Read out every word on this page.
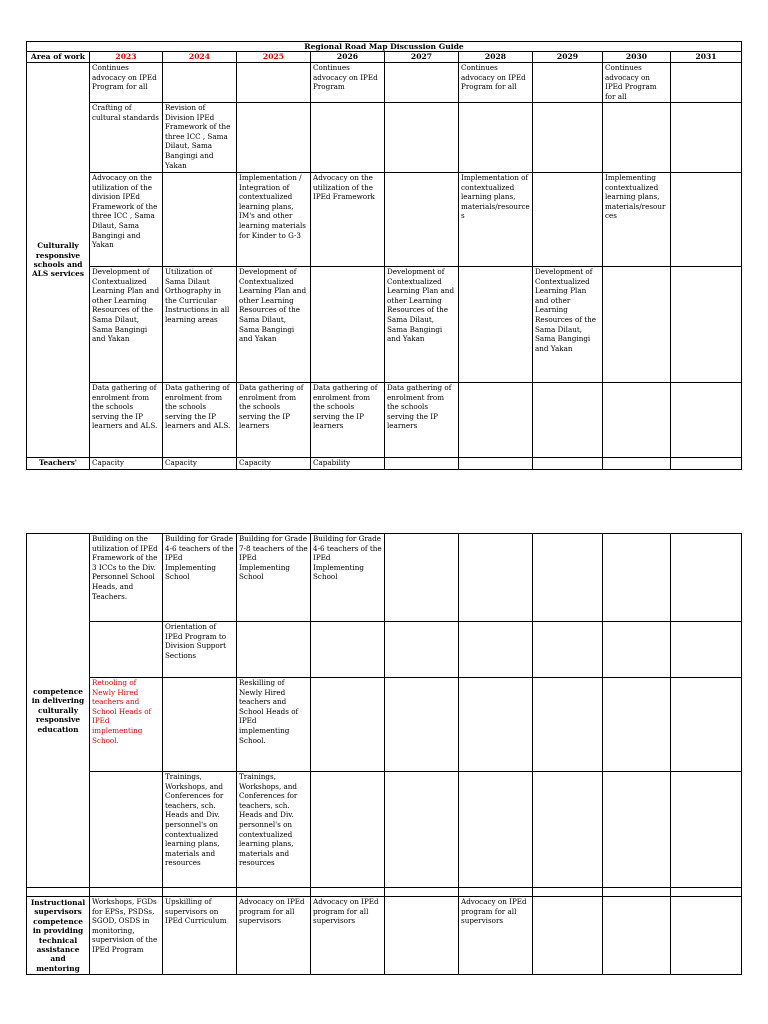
Regional Road Map Discussion Guide									
Area of work	2023	2024	2025	2026	2027	2028	2029	2030	2031
Culturally responsive schools and ALS services	Continues advocacy on IPEd Program for all			Continues advocacy on IPEd Program		Continues advocacy on IPEd Program for all		Continues advocacy on IPEd Program for all	
	Crafting of cultural standards	Revision of Division IPEd Framework of the three ICC , Sama Dilaut, Sama Bangingi and Yakan							
	Advocacy on the utilization of the division IPEd Framework of the three ICC , Sama Dilaut, Sama Bangingi and Yakan		Implementation / Integration of contextualized learning plans, IM's and other learning materials for Kinder to G-3	Advocacy on the utilization of the IPEd Framework		Implementation of contextualized learning plans, materials/resources		Implementing contextualized learning plans, materials/resources	
	Development of Contextualized Learning Plan and other Learning Resources of the Sama Dilaut, Sama Bangingi and Yakan	Utilization of Sama Dilaut Orthography in the Curricular Instructions in all learning areas	Development of Contextualized Learning Plan and other Learning Resources of the Sama Dilaut, Sama Bangingi and Yakan		Development of Contextualized Learning Plan and other Learning Resources of the Sama Dilaut, Sama Bangingi and Yakan		Development of Contextualized Learning Plan and other Learning Resources of the Sama Dilaut, Sama Bangingi and Yakan		
	Data gathering of enrolment from the schools serving the IP learners and ALS.	Data gathering of enrolment from the schools serving the IP learners and ALS.	Data gathering of enrolment from the schools serving the IP learners	Data gathering of enrolment from the schools serving the IP learners	Data gathering of enrolment from the schools serving the IP learners				
Teachers'	Capacity	Capacity	Capacity	Capability					
competence in delivering culturally responsive education	Building on the utilization of IPEd Framework of the 3 ICCs to the Div. Personnel School Heads, and Teachers.	Building for Grade 4-6 teachers of the IPEd Implementing School	Building for Grade 7-8 teachers of the IPEd Implementing School	Building for Grade 4-6 teachers of the IPEd Implementing School					
		Orientation of IPEd Program to Division Support Sections							
	Retooling of Newly Hired teachers and School Heads of IPEd implementing School.		Reskilling of Newly Hired teachers and School Heads of IPEd implementing School.						
		Trainings, Workshops, and Conferences for teachers, sch. Heads and Div. personnel's on contextualized learning plans, materials and resources	Trainings, Workshops, and Conferences for teachers, sch. Heads and Div. personnel's on contextualized learning plans, materials and resources						

Instructional supervisors competence in providing technical assistance and mentoring	Workshops, FGDs for EPSs, PSDSs, SGOD, OSDS in monitoring, supervision of the IPEd Program	Upskilling of supervisors on IPEd Curriculum	Advocacy on IPEd program for all supervisors	Advocacy on IPEd program for all supervisors		Advocacy on IPEd program for all supervisors			
